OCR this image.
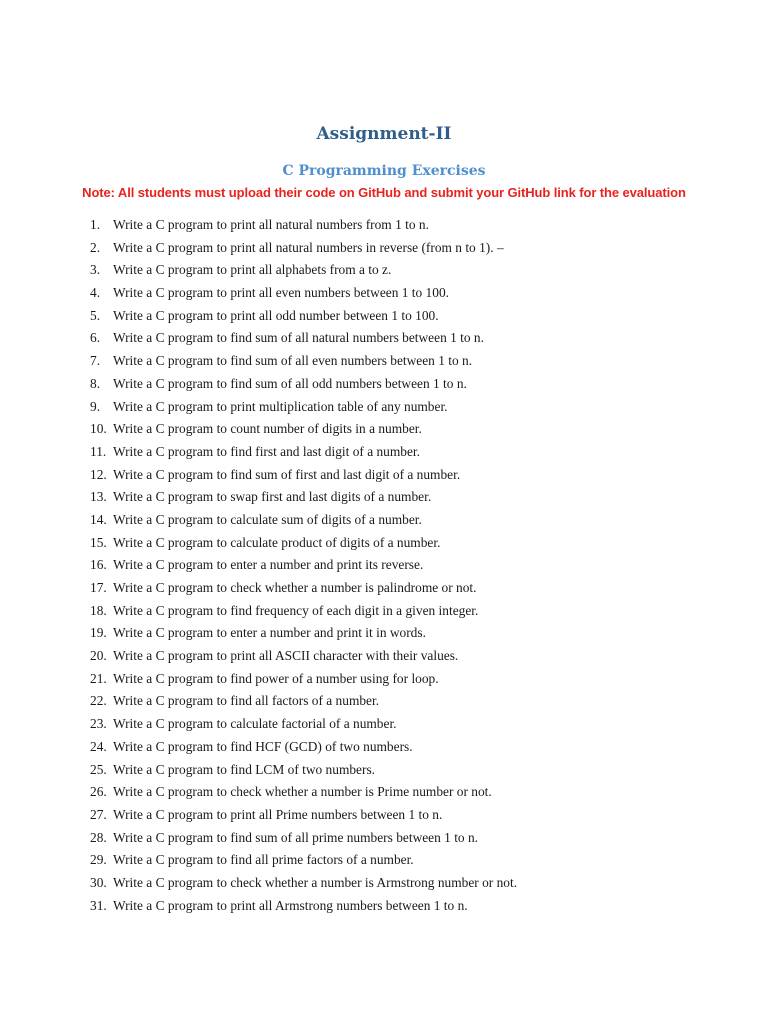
Assignment-II
C Programming Exercises

Note: All students must upload their code on GitHub and submit your GitHub link for the evaluation

1. Write a C program to print all natural numbers from 1 to n.
2. Write a C program to print all natural numbers in reverse (from n to 1). –
3. Write a C program to print all alphabets from a to z.
4. Write a C program to print all even numbers between 1 to 100.
5. Write a C program to print all odd number between 1 to 100.
6. Write a C program to find sum of all natural numbers between 1 to n.
7. Write a C program to find sum of all even numbers between 1 to n.
8. Write a C program to find sum of all odd numbers between 1 to n.
9. Write a C program to print multiplication table of any number.
10. Write a C program to count number of digits in a number.
11. Write a C program to find first and last digit of a number.
12. Write a C program to find sum of first and last digit of a number.
13. Write a C program to swap first and last digits of a number.
14. Write a C program to calculate sum of digits of a number.
15. Write a C program to calculate product of digits of a number.
16. Write a C program to enter a number and print its reverse.
17. Write a C program to check whether a number is palindrome or not.
18. Write a C program to find frequency of each digit in a given integer.
19. Write a C program to enter a number and print it in words.
20. Write a C program to print all ASCII character with their values.
21. Write a C program to find power of a number using for loop.
22. Write a C program to find all factors of a number.
23. Write a C program to calculate factorial of a number.
24. Write a C program to find HCF (GCD) of two numbers.
25. Write a C program to find LCM of two numbers.
26. Write a C program to check whether a number is Prime number or not.
27. Write a C program to print all Prime numbers between 1 to n.
28. Write a C program to find sum of all prime numbers between 1 to n.
29. Write a C program to find all prime factors of a number.
30. Write a C program to check whether a number is Armstrong number or not.
31. Write a C program to print all Armstrong numbers between 1 to n.
